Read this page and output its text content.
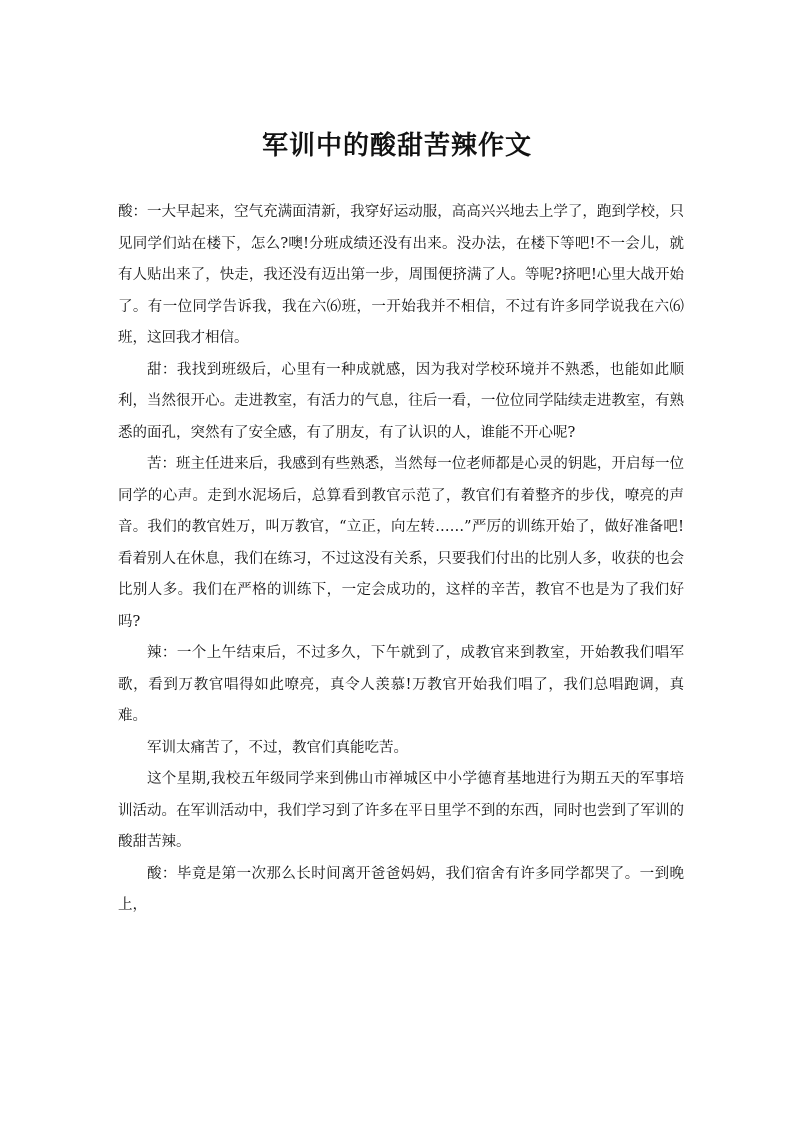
军训中的酸甜苦辣作文

酸：一大早起来，空气充满面清新，我穿好运动服，高高兴兴地去上学了，跑到学校，只见同学们站在楼下，怎么?噢!分班成绩还没有出来。没办法，在楼下等吧!不一会儿，就有人贴出来了，快走，我还没有迈出第一步，周围便挤满了人。等呢?挤吧!心里大战开始了。有一位同学告诉我，我在六⑹班，一开始我并不相信，不过有许多同学说我在六⑹班，这回我才相信。

甜：我找到班级后，心里有一种成就感，因为我对学校环境并不熟悉，也能如此顺利，当然很开心。走进教室，有活力的气息，往后一看，一位位同学陆续走进教室，有熟悉的面孔，突然有了安全感，有了朋友，有了认识的人，谁能不开心呢?

苦：班主任进来后，我感到有些熟悉，当然每一位老师都是心灵的钥匙，开启每一位同学的心声。走到水泥场后，总算看到教官示范了，教官们有着整齐的步伐，嘹亮的声音。我们的教官姓万，叫万教官，“立正，向左转……”严厉的训练开始了，做好准备吧!看着别人在休息，我们在练习，不过这没有关系，只要我们付出的比别人多，收获的也会比别人多。我们在严格的训练下，一定会成功的，这样的辛苦，教官不也是为了我们好吗?

辣：一个上午结束后，不过多久，下午就到了，成教官来到教室，开始教我们唱军歌，看到万教官唱得如此嘹亮，真令人羡慕!万教官开始我们唱了，我们总唱跑调，真难。

军训太痛苦了，不过，教官们真能吃苦。

这个星期,我校五年级同学来到佛山市禅城区中小学德育基地进行为期五天的军事培训活动。在军训活动中，我们学习到了许多在平日里学不到的东西，同时也尝到了军训的酸甜苦辣。

酸：毕竟是第一次那么长时间离开爸爸妈妈，我们宿舍有许多同学都哭了。一到晚上，
